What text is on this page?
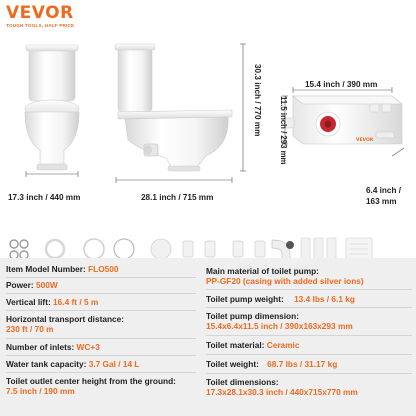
VEVOR
TOUGH TOOLS, HALF PRICE
VEVOR
17.3 inch / 440 mm	28.1 inch / 715 mm
30.3 inch / 770 mm	15.4 inch / 390 mm
11.5 inch / 293 mm
6.4 inch /
163 mm
Item Model Number: FLO500
Power: 500W
Vertical lift: 16.4 ft / 5 m
Horizontal transport distance:
230 ft / 70 m
Number of inlets: WC+3
Water tank capacity: 3.7 Gal / 14 L
Toilet outlet center height from the ground:
7.5 inch / 190 mm
Main material of toilet pump:
PP-GF20 (casing with added silver ions)
Toilet pump weight: 13.4 lbs / 6.1 kg
Toilet pump dimension:
15.4x6.4x11.5 inch / 390x163x293 mm
Toilet material: Ceramic
Toilet weight: 68.7 lbs / 31.17 kg
Toilet dimensions:
17.3x28.1x30.3 inch / 440x715x770 mm
